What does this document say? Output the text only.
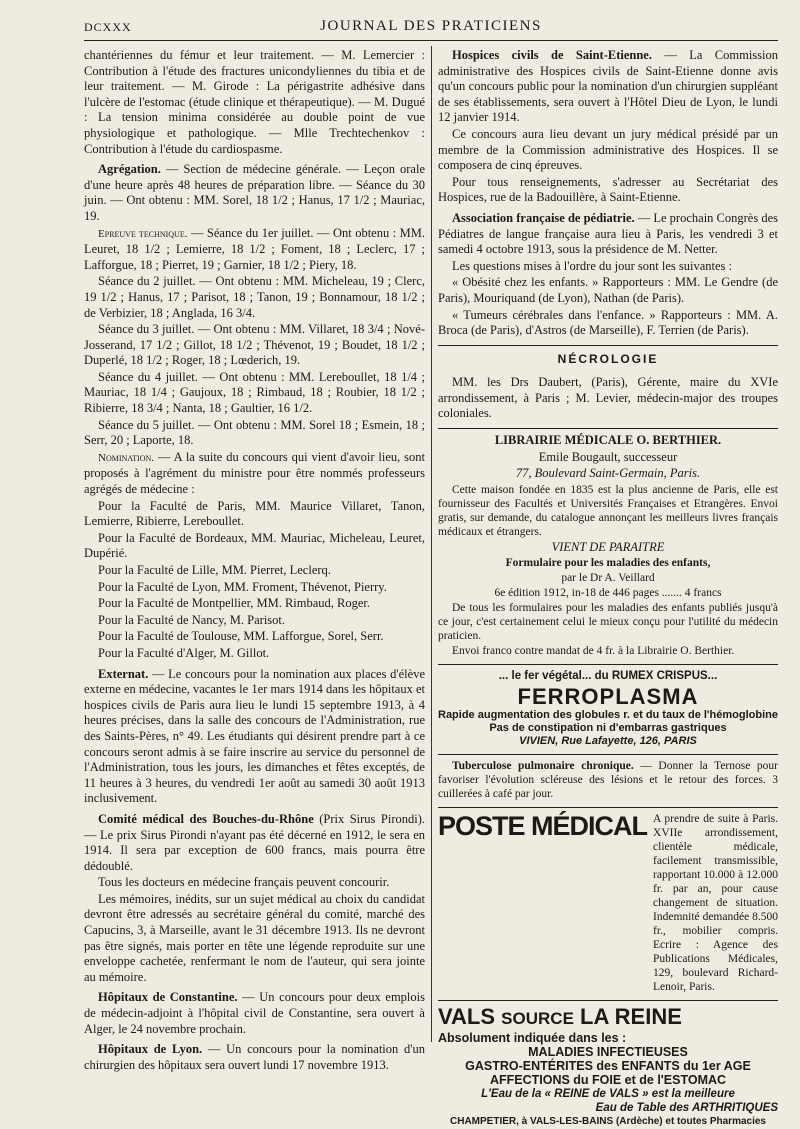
DCXXX	JOURNAL DES PRATICIENS

chantériennes du fémur et leur traitement. — M. Lemercier : Contribution à l'étude des fractures unicondyliennes du tibia et de leur traitement. — M. Girode : La périgastrite adhésive dans l'ulcère de l'estomac (étude clinique et thérapeutique). — M. Dugué : La tension minima considérée au double point de vue physiologique et pathologique. — Mlle Trechtechenkov : Contribution à l'étude du cardiospasme.

Agrégation. — Section de médecine générale. — Leçon orale d'une heure après 48 heures de préparation libre. — Séance du 30 juin. — Ont obtenu : MM. Sorel, 18 1/2 ; Hanus, 17 1/2 ; Mauriac, 19.

Epreuve technique. — Séance du 1er juillet. — Ont obtenu : MM. Leuret, 18 1/2 ; Lemierre, 18 1/2 ; Foment, 18 ; Leclerc, 17 ; Lafforgue, 18 ; Pierret, 19 ; Garnier, 18 1/2 ; Piery, 18.

Séance du 2 juillet. — Ont obtenu : MM. Micheleau, 19 ; Clerc, 19 1/2 ; Hanus, 17 ; Parisot, 18 ; Tanon, 19 ; Bonnamour, 18 1/2 ; de Verbizier, 18 ; Anglada, 16 3/4.

Séance du 3 juillet. — Ont obtenu : MM. Villaret, 18 3/4 ; Nové-Josserand, 17 1/2 ; Gillot, 18 1/2 ; Thévenot, 19 ; Boudet, 18 1/2 ; Duperlé, 18 1/2 ; Roger, 18 ; Lœderich, 19.

Séance du 4 juillet. — Ont obtenu : MM. Lereboullet, 18 1/4 ; Mauriac, 18 1/4 ; Gaujoux, 18 ; Rimbaud, 18 ; Roubier, 18 1/2 ; Ribierre, 18 3/4 ; Nanta, 18 ; Gaultier, 16 1/2.

Séance du 5 juillet. — Ont obtenu : MM. Sorel 18 ; Esmein, 18 ; Serr, 20 ; Laporte, 18.

Nomination. — A la suite du concours qui vient d'avoir lieu, sont proposés à l'agrément du ministre pour être nommés professeurs agrégés de médecine :

Pour la Faculté de Paris, MM. Maurice Villaret, Tanon, Lemierre, Ribierre, Lereboullet.

Pour la Faculté de Bordeaux, MM. Mauriac, Micheleau, Leuret, Dupérié.

Pour la Faculté de Lille, MM. Pierret, Leclerq.

Pour la Faculté de Lyon, MM. Froment, Thévenot, Pierry.

Pour la Faculté de Montpellier, MM. Rimbaud, Roger.

Pour la Faculté de Nancy, M. Parisot.

Pour la Faculté de Toulouse, MM. Lafforgue, Sorel, Serr.

Pour la Faculté d'Alger, M. Gillot.

Externat. — Le concours pour la nomination aux places d'élève externe en médecine, vacantes le 1er mars 1914 dans les hôpitaux et hospices civils de Paris aura lieu le lundi 15 septembre 1913, à 4 heures précises, dans la salle des concours de l'Administration, rue des Saints-Pères, n° 49. Les étudiants qui désirent prendre part à ce concours seront admis à se faire inscrire au service du personnel de l'Administration, tous les jours, les dimanches et fêtes exceptés, de 11 heures à 3 heures, du vendredi 1er août au samedi 30 août 1913 inclusivement.

Comité médical des Bouches-du-Rhône (Prix Sirus Pirondi). — Le prix Sirus Pirondi n'ayant pas été décerné en 1912, le sera en 1914. Il sera par exception de 600 francs, mais pourra être dédoublé.

Tous les docteurs en médecine français peuvent concourir.

Les mémoires, inédits, sur un sujet médical au choix du candidat devront être adressés au secrétaire général du comité, marché des Capucins, 3, à Marseille, avant le 31 décembre 1913. Ils ne devront pas être signés, mais porter en tête une légende reproduite sur une enveloppe cachetée, renfermant le nom de l'auteur, qui sera jointe au mémoire.

Hôpitaux de Constantine. — Un concours pour deux emplois de médecin-adjoint à l'hôpital civil de Constantine, sera ouvert à Alger, le 24 novembre prochain.

Hôpitaux de Lyon. — Un concours pour la nomination d'un chirurgien des hôpitaux sera ouvert lundi 17 novembre 1913.

Hospices civils de Saint-Etienne. — La Commission administrative des Hospices civils de Saint-Etienne donne avis qu'un concours public pour la nomination d'un chirurgien suppléant de ses établissements, sera ouvert à l'Hôtel Dieu de Lyon, le lundi 12 janvier 1914.

Ce concours aura lieu devant un jury médical présidé par un membre de la Commission administrative des Hospices. Il se composera de cinq épreuves.

Pour tous renseignements, s'adresser au Secrétariat des Hospices, rue de la Badouillère, à Saint-Etienne.

Association française de pédiatrie. — Le prochain Congrès des Pédiatres de langue française aura lieu à Paris, les vendredi 3 et samedi 4 octobre 1913, sous la présidence de M. Netter.

Les questions mises à l'ordre du jour sont les suivantes :

« Obésité chez les enfants. » Rapporteurs : MM. Le Gendre (de Paris), Mouriquand (de Lyon), Nathan (de Paris).

« Tumeurs cérébrales dans l'enfance. » Rapporteurs : MM. A. Broca (de Paris), d'Astros (de Marseille), F. Terrien (de Paris).

NÉCROLOGIE

MM. les Drs Daubert, (Paris), Gérente, maire du XVIe arrondissement, à Paris ; M. Levier, médecin-major des troupes coloniales.

LIBRAIRIE MÉDICALE O. BERTHIER.

Emile Bougault, successeur

77, Boulevard Saint-Germain, Paris.

Cette maison fondée en 1835 est la plus ancienne de Paris, elle est fournisseur des Facultés et Universités Françaises et Etrangères. Envoi gratis, sur demande, du catalogue annonçant les meilleurs livres français médicaux et étrangers.

VIENT DE PARAITRE

Formulaire pour les maladies des enfants,

par le Dr A. Veillard

6e édition 1912, in-18 de 446 pages ....... 4 francs

De tous les formulaires pour les maladies des enfants publiés jusqu'à ce jour, c'est certainement celui le mieux conçu pour l'utilité du médecin praticien.

Envoi franco contre mandat de 4 fr. à la Librairie O. Berthier.

... le fer végétal... du RUMEX CRISPUS...
FERROPLASMA
Rapide augmentation des globules r. et du taux de l'hémoglobine
Pas de constipation ni d'embarras gastriques
VIVIEN, Rue Lafayette, 126, PARIS

Tuberculose pulmonaire chronique. — Donner la Ternose pour favoriser l'évolution scléreuse des lésions et le retour des forces. 3 cuillerées à café par jour.

POSTE MÉDICAL A prendre de suite à Paris. XVIIe arrondissement, clientèle médicale, facilement transmissible, rapportant 10.000 à 12.000 fr. par an, pour cause changement de situation. Indemnité demandée 8.500 fr., mobilier compris. Ecrire : Agence des Publications Médicales, 129, boulevard Richard-Lenoir, Paris.
VALS SOURCE LA REINE
Absolument indiquée dans les :
MALADIES INFECTIEUSES
GASTRO-ENTÉRITES des ENFANTS du 1er AGE
AFFECTIONS du FOIE et de l'ESTOMAC
L'Eau de la « REINE de VALS » est la meilleure
Eau de Table des ARTHRITIQUES
CHAMPETIER, à VALS-LES-BAINS (Ardèche) et toutes Pharmacies
